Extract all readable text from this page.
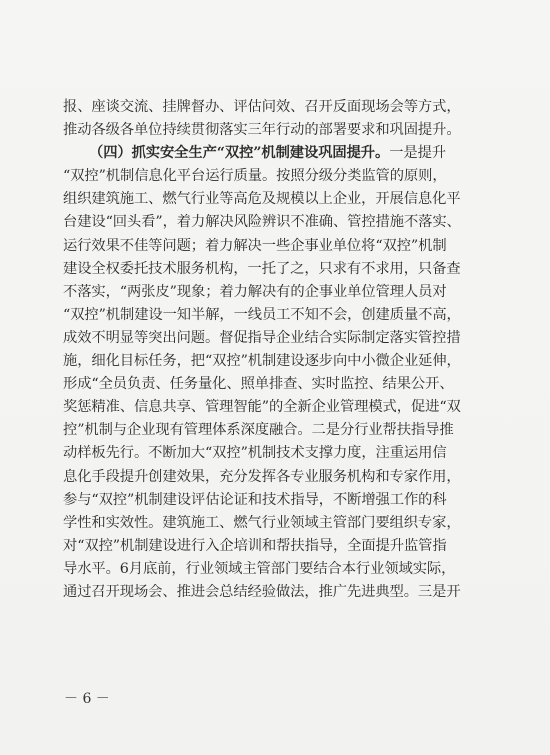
报、座谈交流、挂牌督办、评估问效、召开反面现场会等方式，
推动各级各单位持续贯彻落实三年行动的部署要求和巩固提升。
（四）抓实安全生产“双控”机制建设巩固提升。一是提升
“双控”机制信息化平台运行质量。按照分级分类监管的原则，
组织建筑施工、燃气行业等高危及规模以上企业，开展信息化平
台建设“回头看”，着力解决风险辨识不准确、管控措施不落实、
运行效果不佳等问题；着力解决一些企事业单位将“双控”机制
建设全权委托技术服务机构，一托了之，只求有不求用，只备查
不落实，“两张皮”现象；着力解决有的企事业单位管理人员对
“双控”机制建设一知半解，一线员工不知不会，创建质量不高，
成效不明显等突出问题。督促指导企业结合实际制定落实管控措
施，细化目标任务，把“双控”机制建设逐步向中小微企业延伸，
形成“全员负责、任务量化、照单排查、实时监控、结果公开、
奖惩精准、信息共享、管理智能”的全新企业管理模式，促进“双
控”机制与企业现有管理体系深度融合。二是分行业帮扶指导推
动样板先行。不断加大“双控”机制技术支撑力度，注重运用信
息化手段提升创建效果，充分发挥各专业服务机构和专家作用，
参与“双控”机制建设评估论证和技术指导，不断增强工作的科
学性和实效性。建筑施工、燃气行业领域主管部门要组织专家，
对“双控”机制建设进行入企培训和帮扶指导，全面提升监管指
导水平。6月底前，行业领域主管部门要结合本行业领域实际，
通过召开现场会、推进会总结经验做法，推广先进典型。三是开
－ 6 －
